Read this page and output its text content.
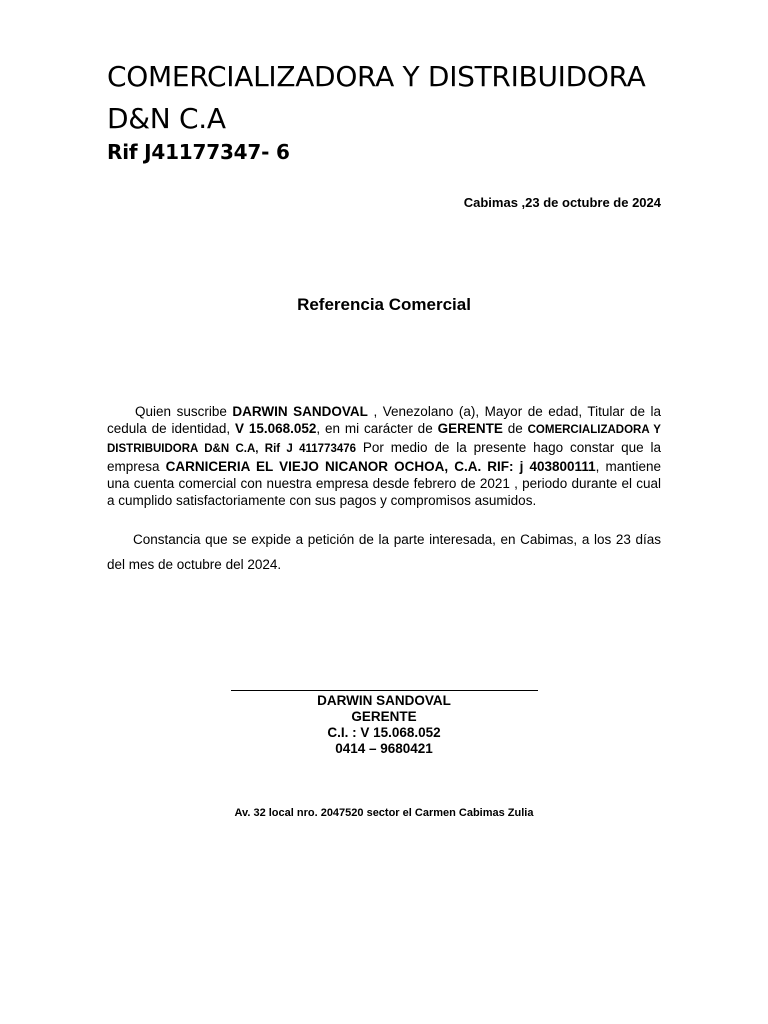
COMERCIALIZADORA Y DISTRIBUIDORA D&N C.A
Rif J41177347- 6
Cabimas ,23 de octubre de 2024
Referencia Comercial
Quien suscribe DARWIN SANDOVAL , Venezolano (a), Mayor de edad, Titular de la cedula de identidad, V 15.068.052, en mi carácter de GERENTE de COMERCIALIZADORA Y DISTRIBUIDORA D&N C.A, Rif J 411773476 Por medio de la presente hago constar que la empresa CARNICERIA EL VIEJO NICANOR OCHOA, C.A. RIF: j 403800111, mantiene una cuenta comercial con nuestra empresa desde febrero de 2021 , periodo durante el cual a cumplido satisfactoriamente con sus pagos y compromisos asumidos.
Constancia que se expide a petición de la parte interesada, en Cabimas, a los 23 días del mes de octubre del 2024.
DARWIN SANDOVAL
GERENTE
C.I. : V 15.068.052
0414 – 9680421
Av. 32 local nro. 2047520 sector el Carmen Cabimas Zulia
